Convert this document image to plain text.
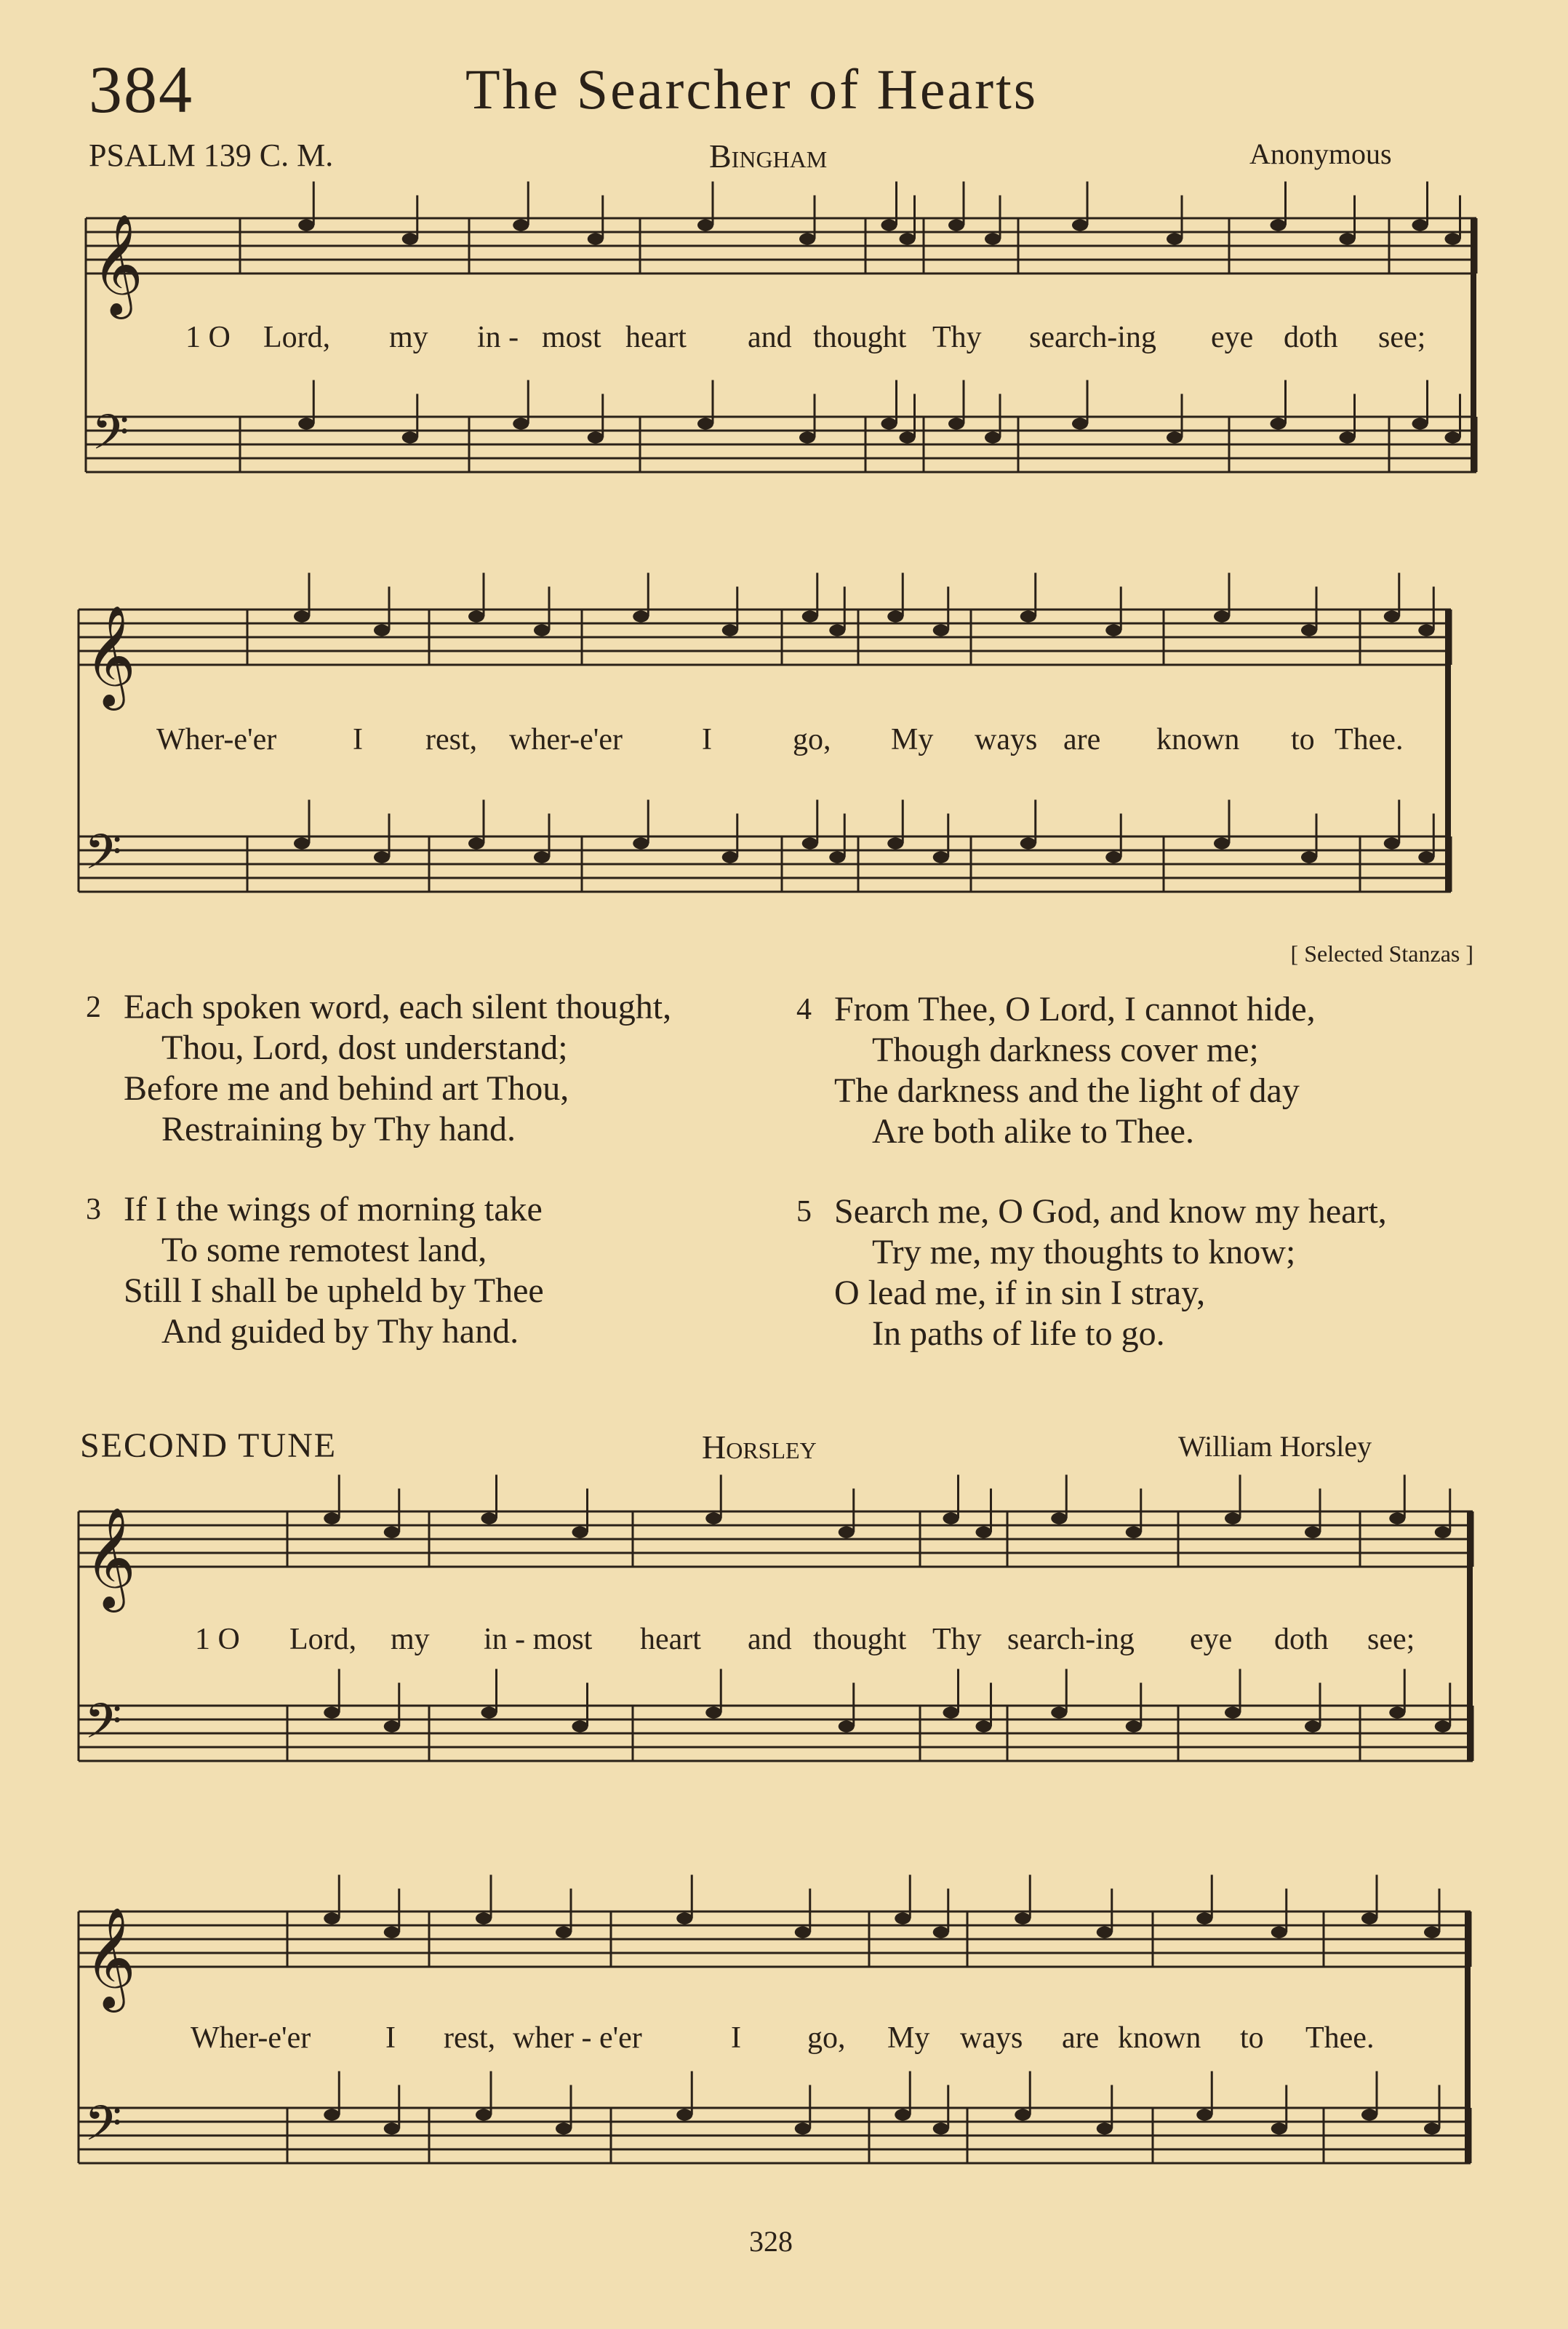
384	The Searcher of Hearts
PSALM 139 C. M.	Bingham	Anonymous
𝄞
𝄢
𝄞
𝄢
𝄞
𝄢
𝄞
𝄢
1 O Lord, my in - most heart and thought Thy search-ing eye doth see;
Wher-e'er I rest, wher-e'er	I	go, My ways are known to Thee.
[ Selected Stanzas ]
2 Each spoken word, each silent thought,
Thou, Lord, dost understand;
Before me and behind art Thou,
Restraining by Thy hand.
3 If I the wings of morning take
To some remotest land,
Still I shall be upheld by Thee
And guided by Thy hand.
4 From Thee, O Lord, I cannot hide,
Though darkness cover me;
The darkness and the light of day
Are both alike to Thee.
5 Search me, O God, and know my heart,
Try me, my thoughts to know;
O lead me, if in sin I stray,
In paths of life to go.
SECOND TUNE	Horsley	William Horsley
1 O Lord, my in - most heart and thought Thy search-ing eye doth see;
Wher-e'er I rest, wher - e'er	I go, My ways are known to Thee.
328
